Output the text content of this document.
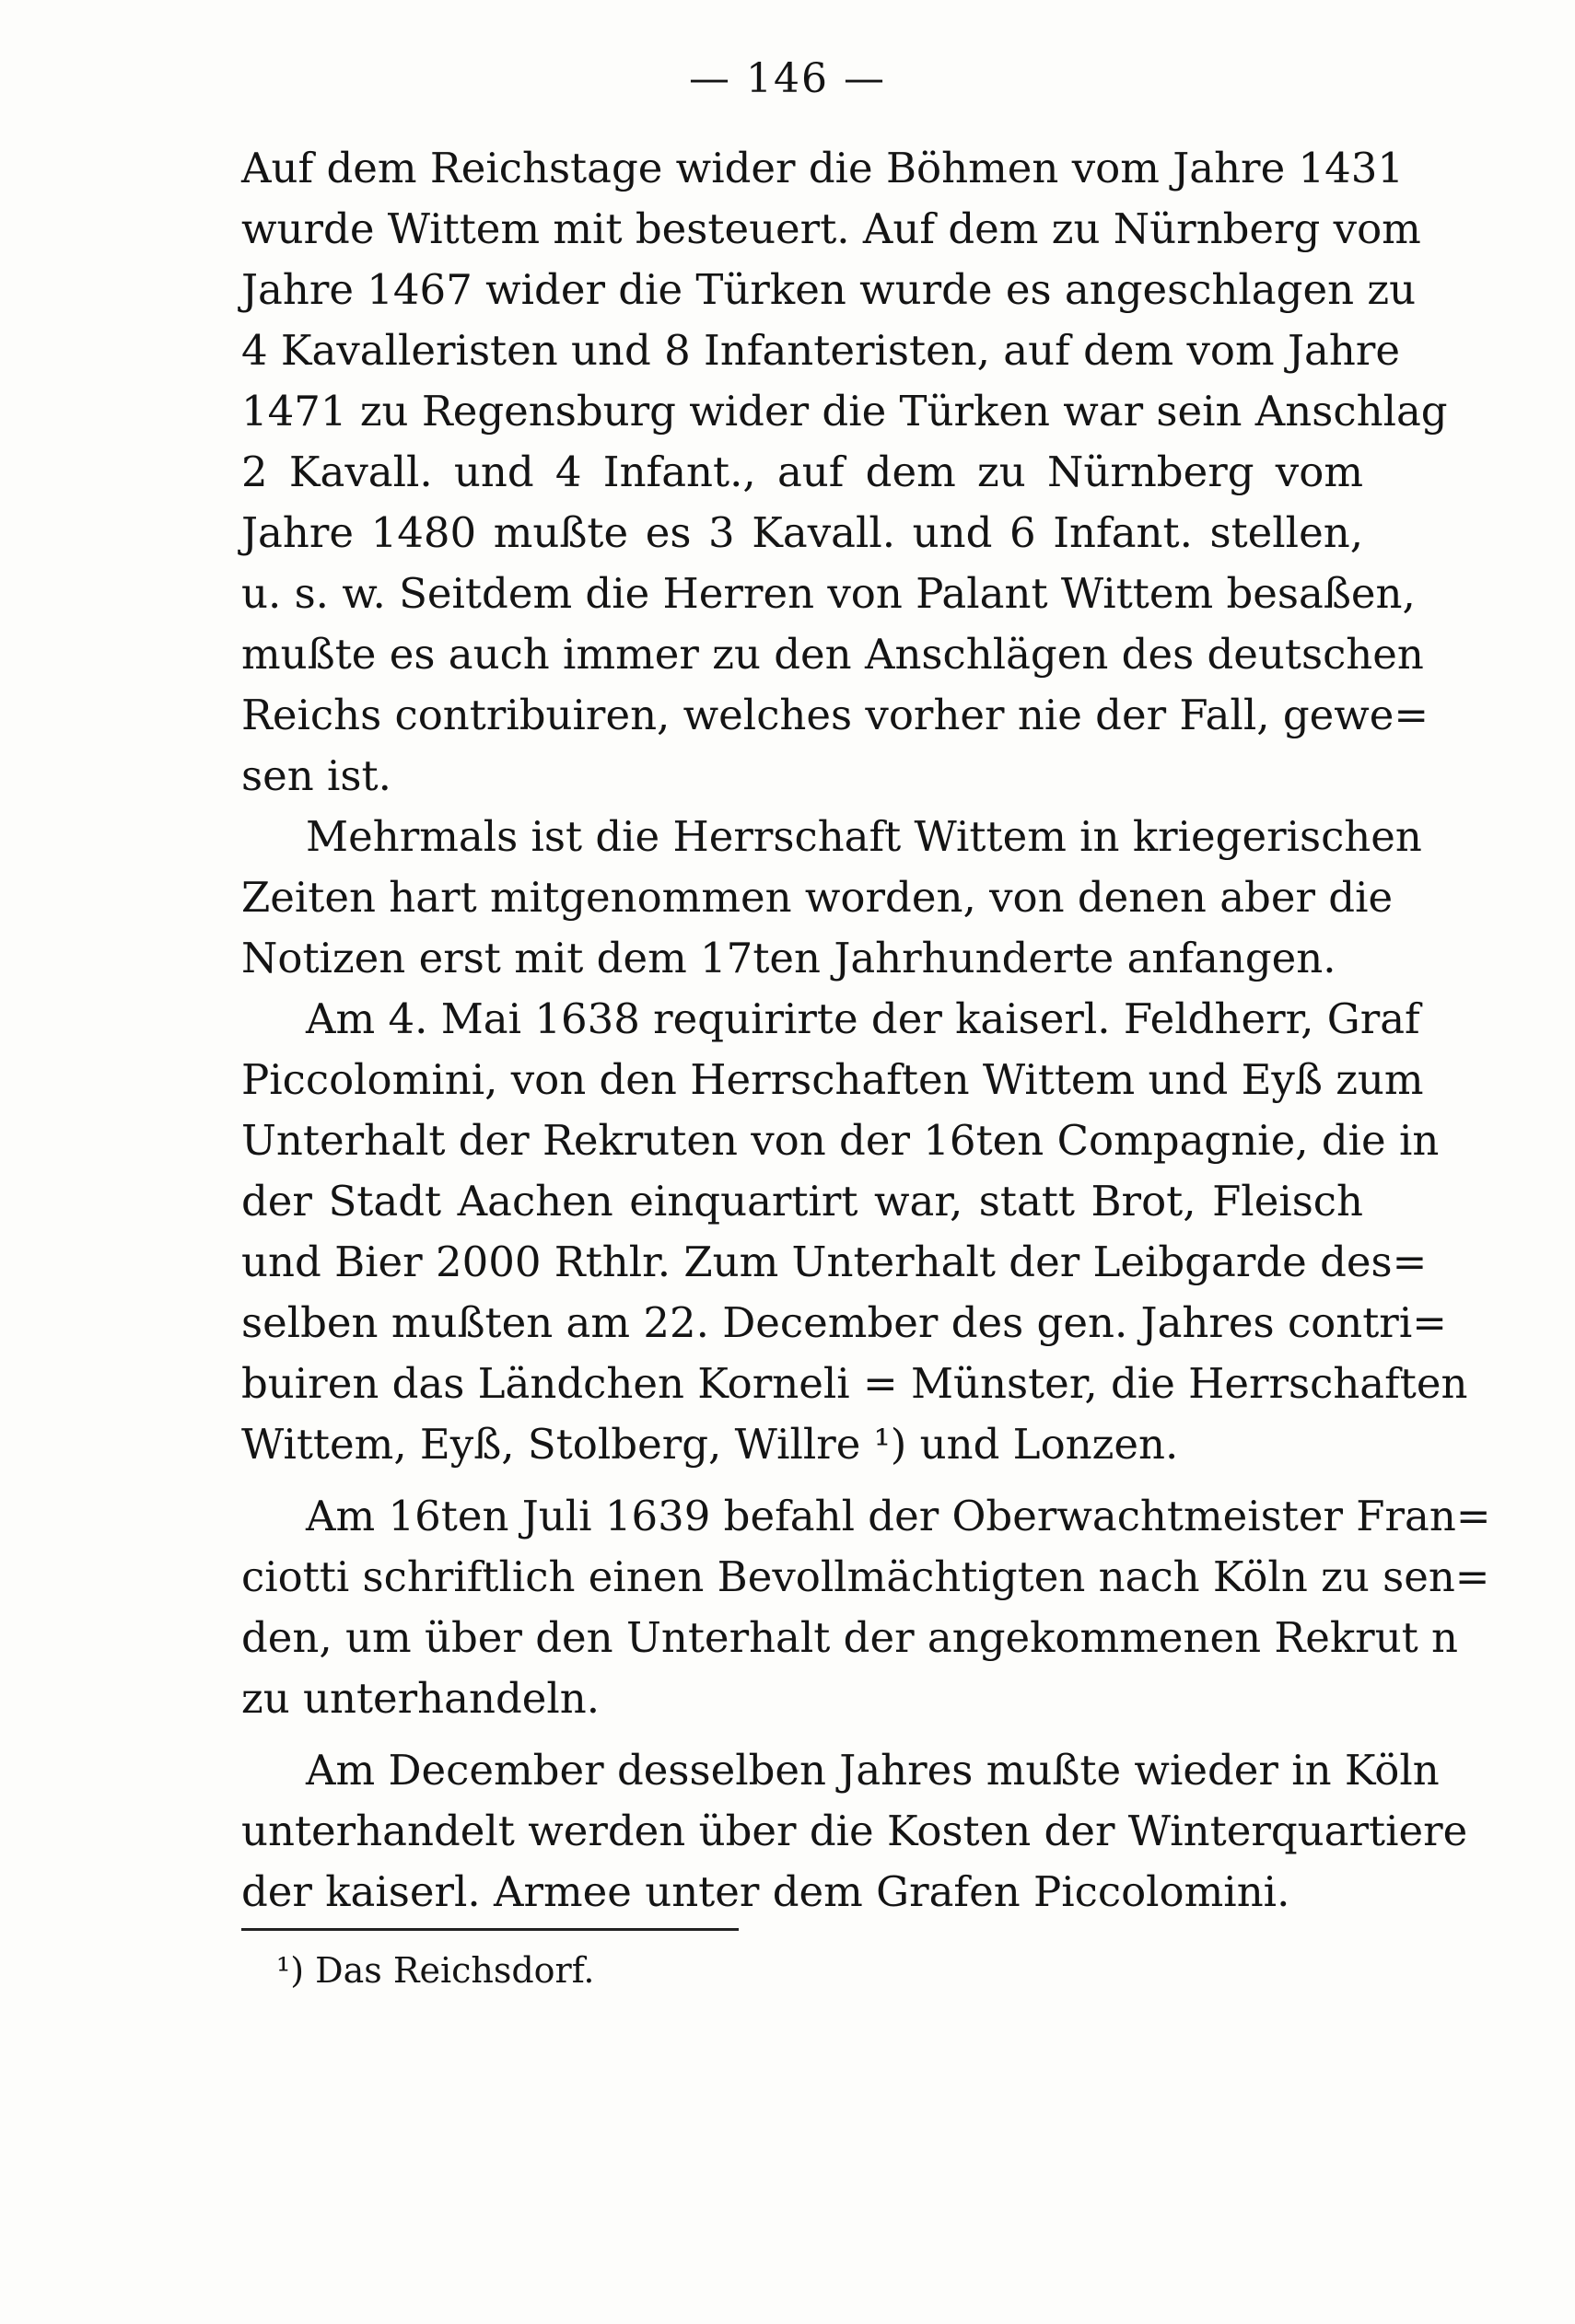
— 146 —
Auf dem Reichstage wider die Böhmen vom Jahre 1431
wurde Wittem mit besteuert. Auf dem zu Nürnberg vom
Jahre 1467 wider die Türken wurde es angeschlagen zu
4 Kavalleristen und 8 Infanteristen, auf dem vom Jahre
1471 zu Regensburg wider die Türken war sein Anschlag
2 Kavall. und 4 Infant., auf dem zu Nürnberg vom
Jahre 1480 mußte es 3 Kavall. und 6 Infant. stellen,
u. s. w. Seitdem die Herren von Palant Wittem besaßen,
mußte es auch immer zu den Anschlägen des deutschen
Reichs contribuiren, welches vorher nie der Fall, gewe=
sen ist.
Mehrmals ist die Herrschaft Wittem in kriegerischen
Zeiten hart mitgenommen worden, von denen aber die
Notizen erst mit dem 17ten Jahrhunderte anfangen.
Am 4. Mai 1638 requirirte der kaiserl. Feldherr, Graf
Piccolomini, von den Herrschaften Wittem und Eyß zum
Unterhalt der Rekruten von der 16ten Compagnie, die in
der Stadt Aachen einquartirt war, statt Brot, Fleisch
und Bier 2000 Rthlr. Zum Unterhalt der Leibgarde des=
selben mußten am 22. December des gen. Jahres contri=
buiren das Ländchen Korneli = Münster, die Herrschaften
Wittem, Eyß, Stolberg, Willre ¹) und Lonzen.
Am 16ten Juli 1639 befahl der Oberwachtmeister Fran=
ciotti schriftlich einen Bevollmächtigten nach Köln zu sen=
den, um über den Unterhalt der angekommenen Rekrut n
zu unterhandeln.
Am December desselben Jahres mußte wieder in Köln
unterhandelt werden über die Kosten der Winterquartiere
der kaiserl. Armee unter dem Grafen Piccolomini.
¹) Das Reichsdorf.
